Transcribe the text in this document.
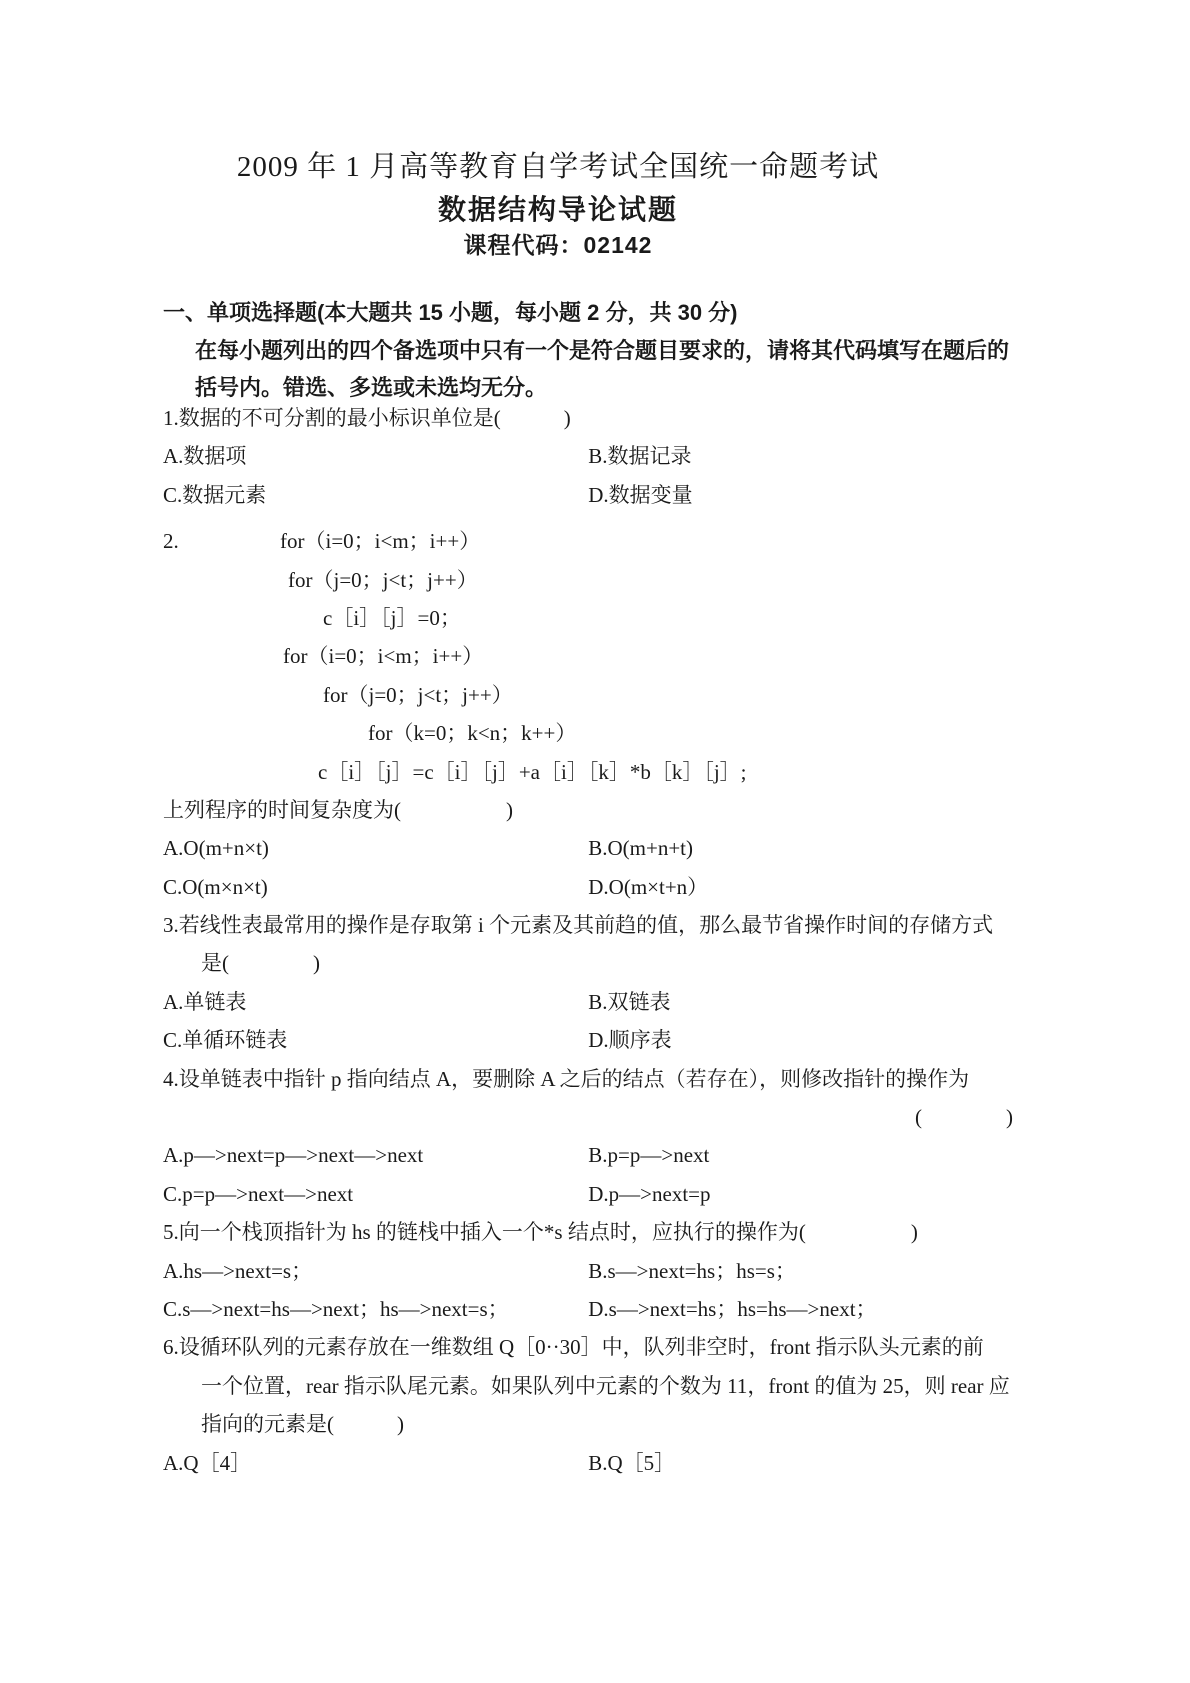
2009 年 1 月高等教育自学考试全国统一命题考试
数据结构导论试题
课程代码：02142
一、单项选择题(本大题共 15 小题，每小题 2 分，共 30 分)
在每小题列出的四个备选项中只有一个是符合题目要求的，请将其代码填写在题后的
括号内。错选、多选或未选均无分。
1.数据的不可分割的最小标识单位是(　　　)
A.数据项	B.数据记录
C.数据元素	D.数据变量
2.	for（i=0；i<m；i++）
for（j=0；j<t；j++）
c［i］［j］=0；
for（i=0；i<m；i++）
for（j=0；j<t；j++）
for（k=0；k<n；k++）
c［i］［j］=c［i］［j］+a［i］［k］*b［k］［j］;
上列程序的时间复杂度为(　　　　　)
A.O(m+n×t)	B.O(m+n+t)
C.O(m×n×t)	D.O(m×t+n）
3.若线性表最常用的操作是存取第 i 个元素及其前趋的值，那么最节省操作时间的存储方式
是(　　　　)
A.单链表	B.双链表
C.单循环链表	D.顺序表
4.设单链表中指针 p 指向结点 A，要删除 A 之后的结点（若存在），则修改指针的操作为
(　　　　)
A.p—>next=p—>next—>next	B.p=p—>next
C.p=p—>next—>next	D.p—>next=p
5.向一个栈顶指针为 hs 的链栈中插入一个*s 结点时，应执行的操作为(　　　　　)
A.hs—>next=s；	B.s—>next=hs；hs=s；
C.s—>next=hs—>next；hs—>next=s；	D.s—>next=hs；hs=hs—>next；
6.设循环队列的元素存放在一维数组 Q［0··30］中，队列非空时，front 指示队头元素的前
一个位置，rear 指示队尾元素。如果队列中元素的个数为 11，front 的值为 25，则 rear 应
指向的元素是(　　　)
A.Q［4］	B.Q［5］
